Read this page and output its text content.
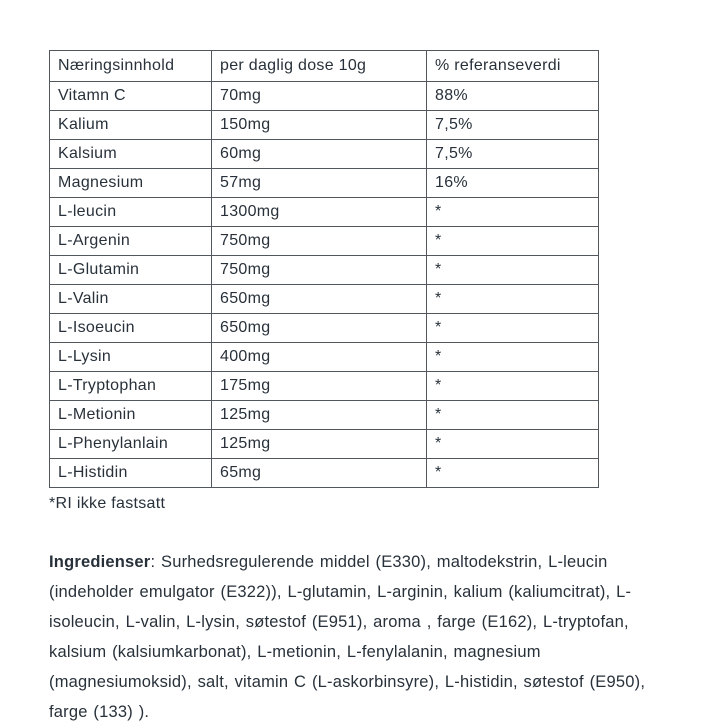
Næringsinnhold	per daglig dose 10g	% referanseverdi
Vitamn C	70mg	88%
Kalium	150mg	7,5%
Kalsium	60mg	7,5%
Magnesium	57mg	16%
L-leucin	1300mg	*
L-Argenin	750mg	*
L-Glutamin	750mg	*
L-Valin	650mg	*
L-Isoeucin	650mg	*
L-Lysin	400mg	*
L-Tryptophan	175mg	*
L-Metionin	125mg	*
L-Phenylanlain	125mg	*
L-Histidin	65mg	*
*RI ikke fastsatt

Ingredienser: Surhedsregulerende middel (E330), maltodekstrin, L-leucin (indeholder emulgator (E322)), L-glutamin, L-arginin, kalium (kaliumcitrat), L-isoleucin, L-valin, L-lysin, søtestof (E951), aroma , farge (E162), L-tryptofan, kalsium (kalsiumkarbonat), L-metionin, L-fenylalanin, magnesium (magnesiumoksid), salt, vitamin C (L-askorbinsyre), L-histidin, søtestof (E950), farge (133) ).
